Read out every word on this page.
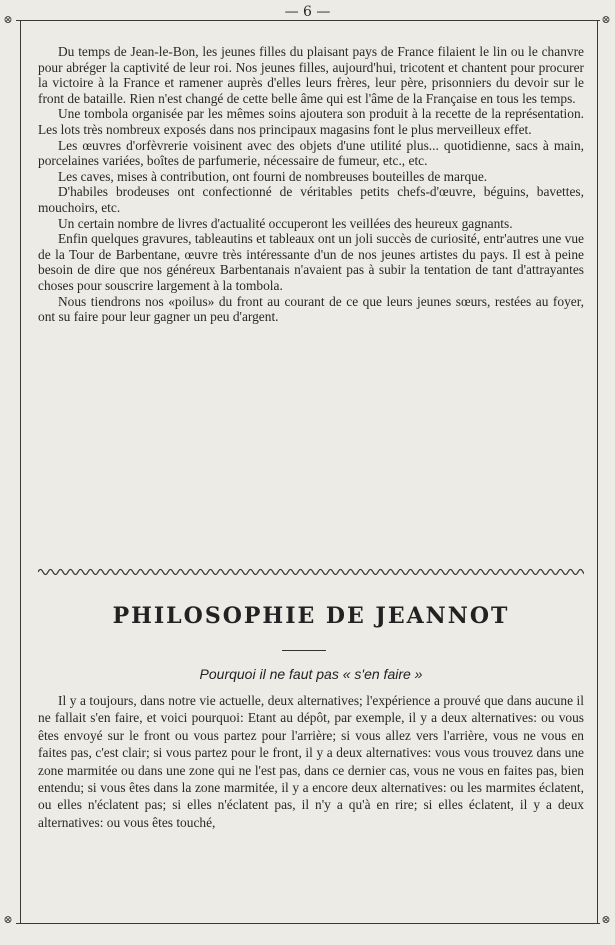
— 6 —
⊗	⊗
⊗	⊗

Du temps de Jean-le-Bon, les jeunes filles du plaisant pays de France filaient le lin ou le chanvre pour abréger la captivité de leur roi. Nos jeunes filles, aujourd'hui, tricotent et chantent pour procurer la victoire à la France et ramener auprès d'elles leurs frères, leur père, prisonniers du devoir sur le front de bataille. Rien n'est changé de cette belle âme qui est l'âme de la Française en tous les temps.

Une tombola organisée par les mêmes soins ajoutera son produit à la recette de la représentation. Les lots très nombreux exposés dans nos principaux magasins font le plus merveilleux effet.

Les œuvres d'orfèvrerie voisinent avec des objets d'une utilité plus... quotidienne, sacs à main, porcelaines variées, boîtes de parfumerie, nécessaire de fumeur, etc., etc.

Les caves, mises à contribution, ont fourni de nombreuses bouteilles de marque.

D'habiles brodeuses ont confectionné de véritables petits chefs-d'œuvre, béguins, bavettes, mouchoirs, etc.

Un certain nombre de livres d'actualité occuperont les veillées des heureux gagnants.

Enfin quelques gravures, tableautins et tableaux ont un joli succès de curiosité, entr'autres une vue de la Tour de Barbentane, œuvre très intéressante d'un de nos jeunes artistes du pays. Il est à peine besoin de dire que nos généreux Barbentanais n'avaient pas à subir la tentation de tant d'attrayantes choses pour souscrire largement à la tombola.

Nous tiendrons nos «poilus» du front au courant de ce que leurs jeunes sœurs, restées au foyer, ont su faire pour leur gagner un peu d'argent.

PHILOSOPHIE DE JEANNOT
Pourquoi il ne faut pas « s'en faire »

Il y a toujours, dans notre vie actuelle, deux alternatives; l'expérience a prouvé que dans aucune il ne fallait s'en faire, et voici pourquoi: Etant au dépôt, par exemple, il y a deux alternatives: ou vous êtes envoyé sur le front ou vous partez pour l'arrière; si vous allez vers l'arrière, vous ne vous en faites pas, c'est clair; si vous partez pour le front, il y a deux alternatives: vous vous trouvez dans une zone marmitée ou dans une zone qui ne l'est pas, dans ce dernier cas, vous ne vous en faites pas, bien entendu; si vous êtes dans la zone marmitée, il y a encore deux alternatives: ou les marmites éclatent, ou elles n'éclatent pas; si elles n'éclatent pas, il n'y a qu'à en rire; si elles éclatent, il y a deux alternatives: ou vous êtes touché,
